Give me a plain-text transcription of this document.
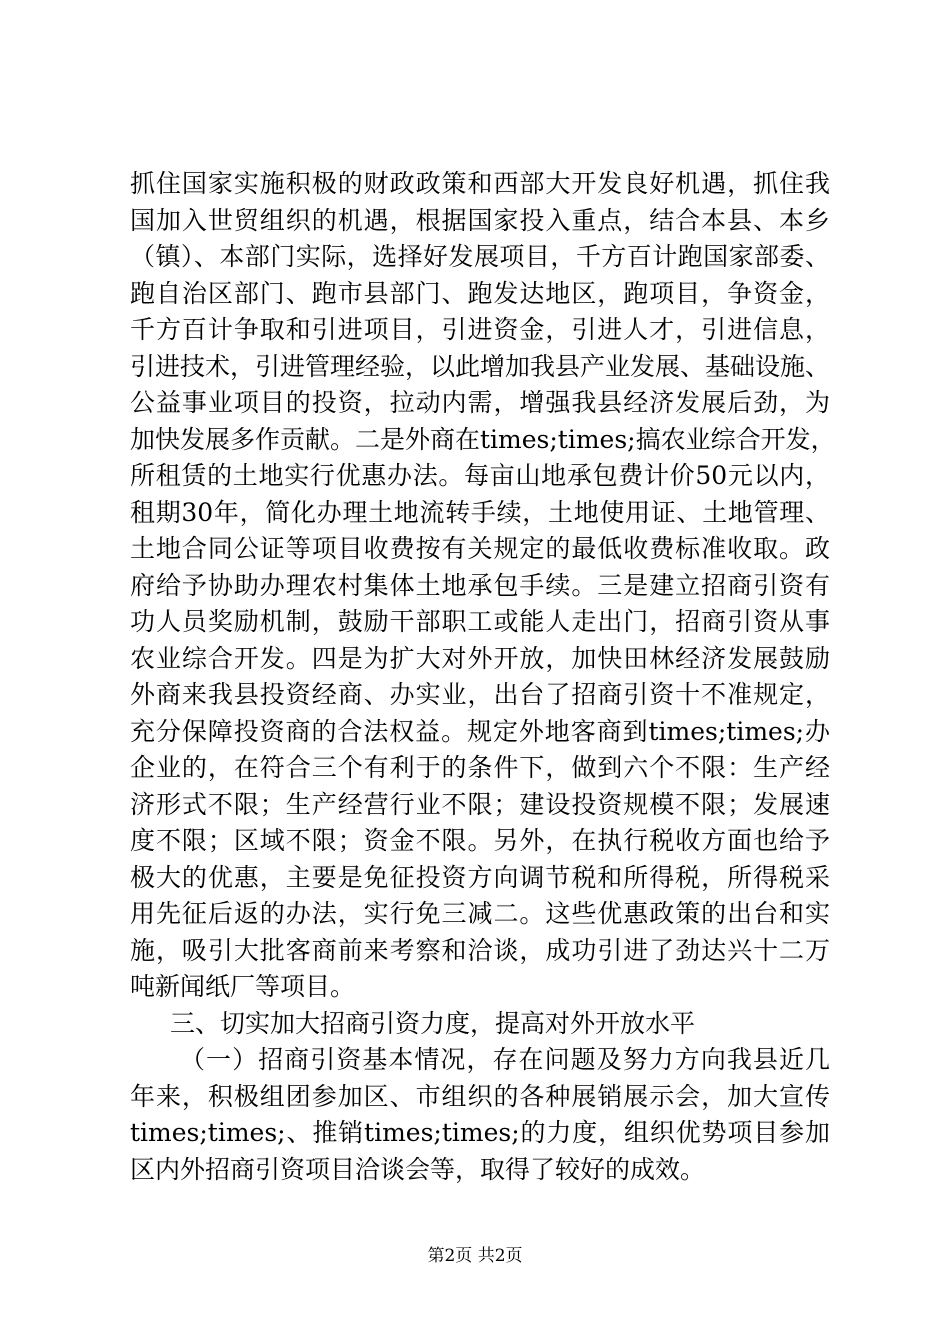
抓住国家实施积极的财政政策和西部大开发良好机遇，抓住我
国加入世贸组织的机遇，根据国家投入重点，结合本县、本乡
（镇）、本部门实际，选择好发展项目，千方百计跑国家部委、
跑自治区部门、跑市县部门、跑发达地区，跑项目，争资金，
千方百计争取和引进项目，引进资金，引进人才，引进信息，
引进技术，引进管理经验，以此增加我县产业发展、基础设施、
公益事业项目的投资，拉动内需，增强我县经济发展后劲，为
加快发展多作贡献。二是外商在times;times;搞农业综合开发，
所租赁的土地实行优惠办法。每亩山地承包费计价50元以内，
租期30年，简化办理土地流转手续，土地使用证、土地管理、
土地合同公证等项目收费按有关规定的最低收费标准收取。政
府给予协助办理农村集体土地承包手续。三是建立招商引资有
功人员奖励机制，鼓励干部职工或能人走出门，招商引资从事
农业综合开发。四是为扩大对外开放，加快田林经济发展鼓励
外商来我县投资经商、办实业，出台了招商引资十不准规定，
充分保障投资商的合法权益。规定外地客商到times;times;办
企业的，在符合三个有利于的条件下，做到六个不限：生产经
济形式不限；生产经营行业不限；建设投资规模不限；发展速
度不限；区域不限；资金不限。另外，在执行税收方面也给予
极大的优惠，主要是免征投资方向调节税和所得税，所得税采
用先征后返的办法，实行免三减二。这些优惠政策的出台和实
施，吸引大批客商前来考察和洽谈，成功引进了劲达兴十二万
吨新闻纸厂等项目。
三、切实加大招商引资力度，提高对外开放水平
（一）招商引资基本情况，存在问题及努力方向我县近几
年来，积极组团参加区、市组织的各种展销展示会，加大宣传
times;times;、推销times;times;的力度，组织优势项目参加
区内外招商引资项目洽谈会等，取得了较好的成效。
第2页 共2页
